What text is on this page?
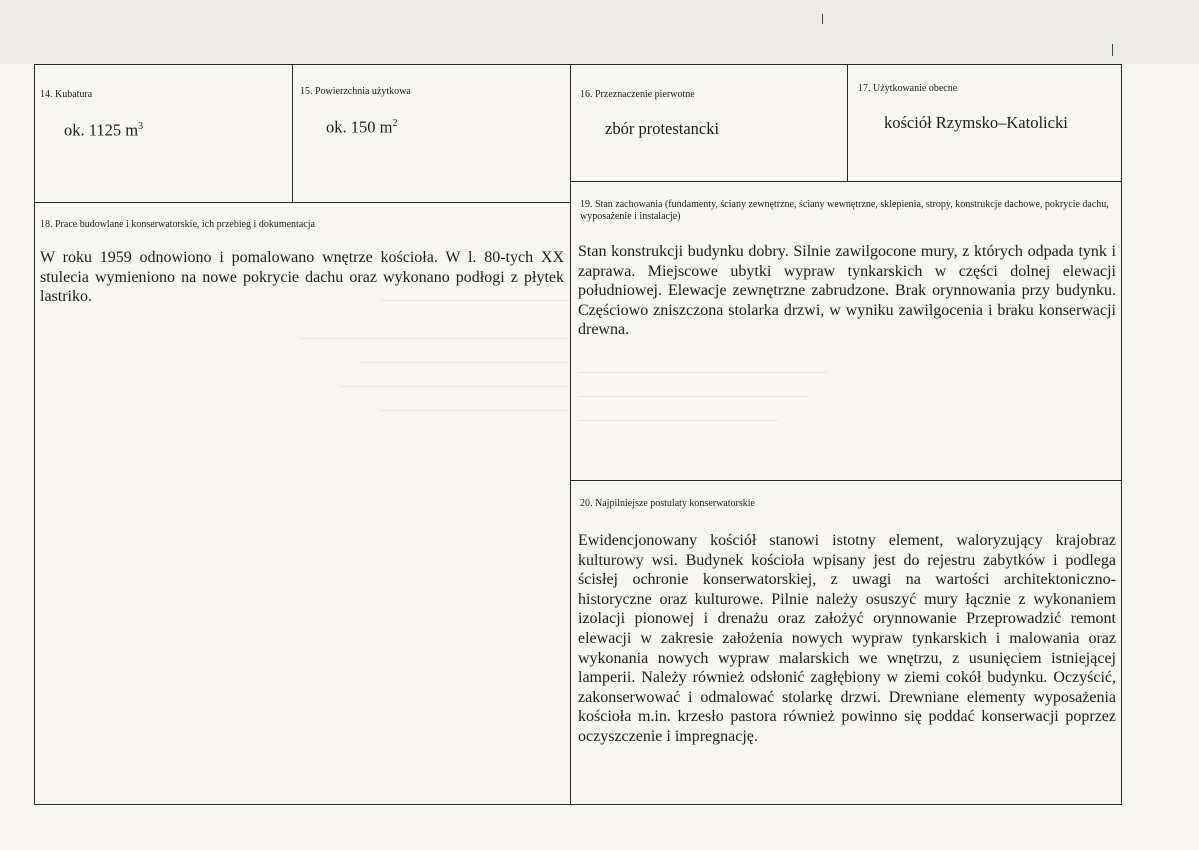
14. Kubatura
ok. 1125 $m^3$
15. Powierzchnia użytkowa
ok. 150 $m^2$
16. Przeznaczenie pierwotne
zbór protestancki
17. Użytkowanie obecne
kościół Rzymsko–Katolicki
18. Prace budowlane i konserwatorskie, ich przebieg i dokumentacja

W roku 1959 odnowiono i pomalowano wnętrze kościoła. W l. 80-tych XX stulecia wymieniono na nowe pokrycie dachu oraz wykonano podłogi z płytek lastriko.

19. Stan zachowania (fundamenty, ściany zewnętrzne, ściany wewnętrzne, sklepienia, stropy, konstrukcje dachowe, pokrycie dachu, wyposażenie i instalacje)

Stan konstrukcji budynku dobry. Silnie zawilgocone mury, z których odpada tynk i zaprawa. Miejscowe ubytki wypraw tynkarskich w części dolnej elewacji południowej. Elewacje zewnętrzne zabrudzone. Brak orynnowania przy budynku. Częściowo zniszczona stolarka drzwi, w wyniku zawilgocenia i braku konserwacji drewna.

20. Najpilniejsze postulaty konserwatorskie

Ewidencjonowany kościół stanowi istotny element, waloryzujący krajobraz kulturowy wsi. Budynek kościoła wpisany jest do rejestru zabytków i podlega ścisłej ochronie konserwatorskiej, z uwagi na wartości architektoniczno-historyczne oraz kulturowe. Pilnie należy osuszyć mury łącznie z wykonaniem izolacji pionowej i drenażu oraz założyć orynnowanie Przeprowadzić remont elewacji w zakresie założenia nowych wypraw tynkarskich i malowania oraz wykonania nowych wypraw malarskich we wnętrzu, z usunięciem istniejącej lamperii. Należy również odsłonić zagłębiony w ziemi cokół budynku. Oczyścić, zakonserwować i odmalować stolarkę drzwi. Drewniane elementy wyposażenia kościoła m.in. krzesło pastora również powinno się poddać konserwacji poprzez oczyszczenie i impregnację.
